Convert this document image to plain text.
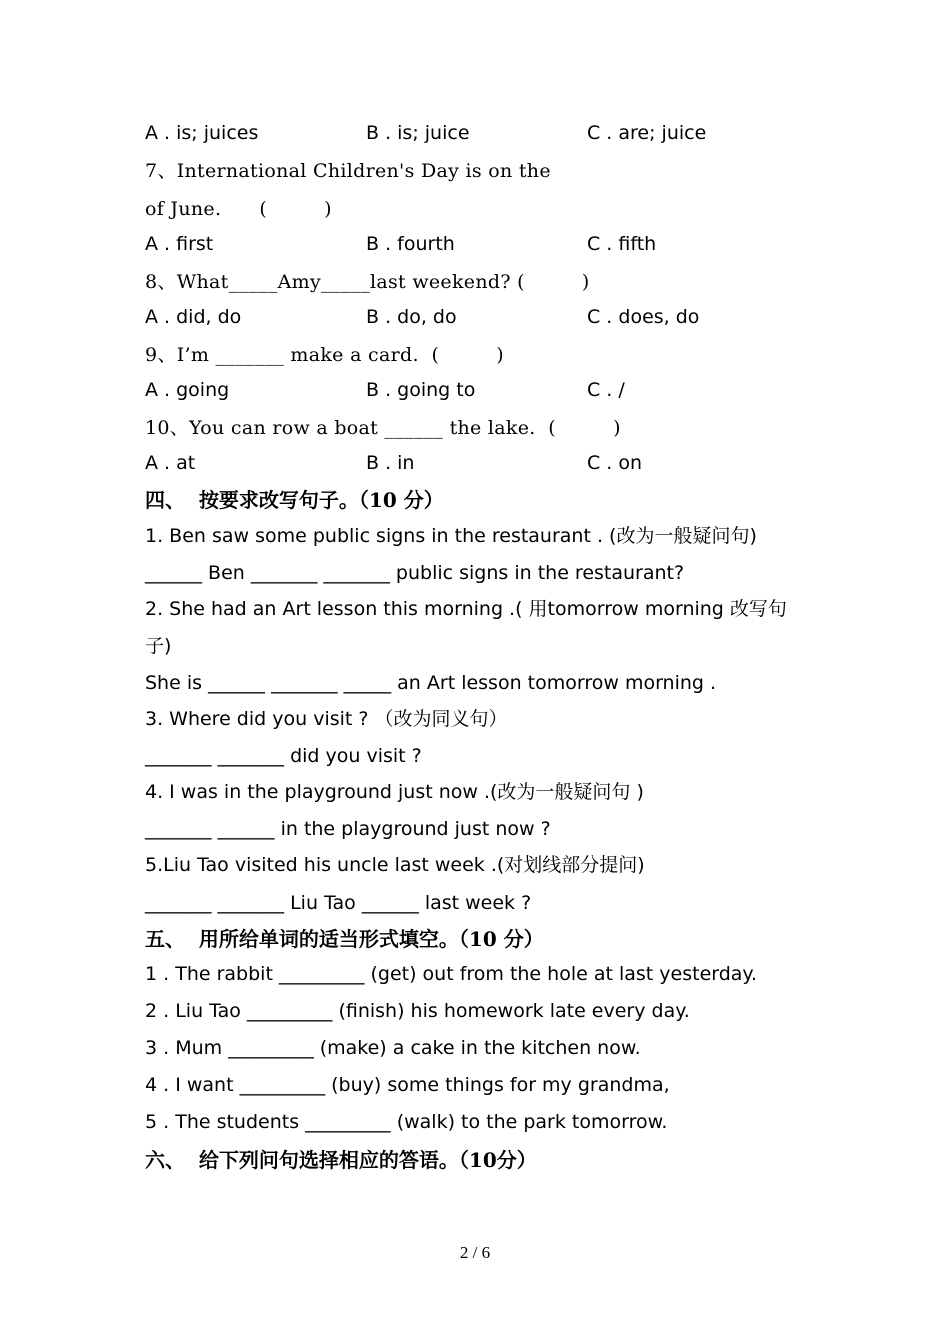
A . is; juices	B . is; juice	C . are; juice
7、International Children's Day is on the
of June.      (         )
A . first	B . fourth	C . fifth
8、What_____Amy_____last weekend? (         )
A . did, do	B . do, do	C . does, do
9、I’m _______ make a card.  (         )
A . going	B . going to	C . /
10、You can row a boat ______ the lake.  (         )
A . at	B . in	C . on
四、  按要求改写句子。（10 分）
1. Ben saw some public signs in the restaurant . (改为一般疑问句)
______ Ben _______ _______ public signs in the restaurant?
2. She had an Art lesson this morning .( 用tomorrow morning 改写句
子)
She is ______ _______ _____ an Art lesson tomorrow morning .
3. Where did you visit ? （改为同义句）
_______ _______ did you visit ?
4. I was in the playground just now .(改为一般疑问句 )
_______ ______ in the playground just now ?
5.Liu Tao visited his uncle last week .(对划线部分提问)
_______ _______ Liu Tao ______ last week ?
五、  用所给单词的适当形式填空。（10 分）
1 . The rabbit _________ (get) out from the hole at last yesterday.
2 . Liu Tao _________ (finish) his homework late every day.
3 . Mum _________ (make) a cake in the kitchen now.
4 . I want _________ (buy) some things for my grandma,
5 . The students _________ (walk) to the park tomorrow.
六、  给下列问句选择相应的答语。（10分）
2 / 6
